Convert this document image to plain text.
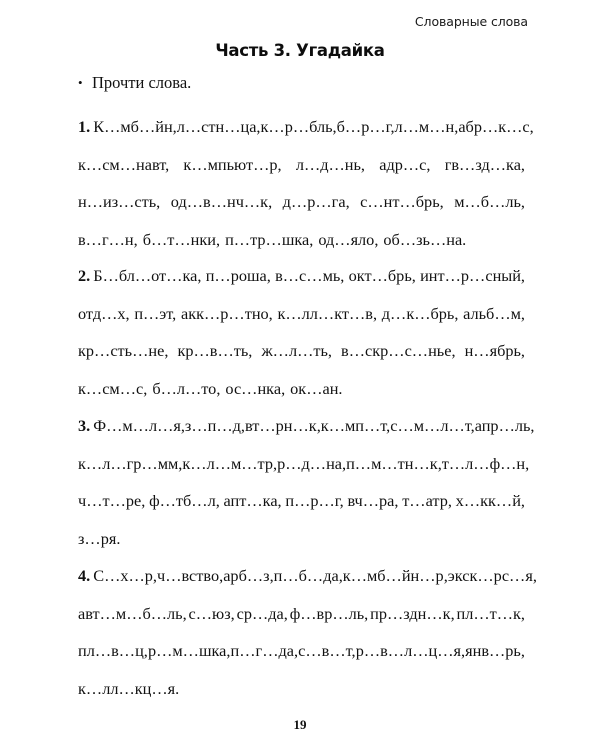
Словарные слова
Часть 3. Угадайка
• Прочти слова.
1. К…мб…йн, л…стн…ца, к…р…бль, б…р…г, л…м…н, абр…к…с,
к…см…навт, к…мпьют…р, л…д…нь, адр…с, гв…зд…ка,
н…из…сть, од…в…нч…к, д…р…га, с…нт…брь, м…б…ль,
в…г…н, б…т…нки, п…тр…шка, од…яло, об…зь…на.
2. Б…бл…от…ка, п…роша, в…с…мь, окт…брь, инт…р…сный,
отд…х, п…эт, акк…р…тно, к…лл…кт…в, д…к…брь, альб…м,
кр…сть…не, кр…в…ть, ж…л…ть, в…скр…с…нье, н…ябрь,
к…см…с, б…л…то, ос…нка, ок…ан.
3. Ф…м…л…я, з…п…д, вт…рн…к, к…мп…т, с…м…л…т, апр…ль,
к…л…гр…мм, к…л…м…тр, р…д…на, п…м…тн…к, т…л…ф…н,
ч…т…ре, ф…тб…л, апт…ка, п…р…г, вч…ра, т…атр, х…кк…й,
з…ря.
4. С…х…р, ч…вство, арб…з, п…б…да, к…мб…йн…р, экск…рс…я,
авт…м…б…ль, с…юз, ср…да, ф…вр…ль, пр…здн…к, пл…т…к,
пл…в…ц, р…м…шка, п…г…да, с…в…т, р…в…л…ц…я, янв…рь,
к…лл…кц…я.
19
